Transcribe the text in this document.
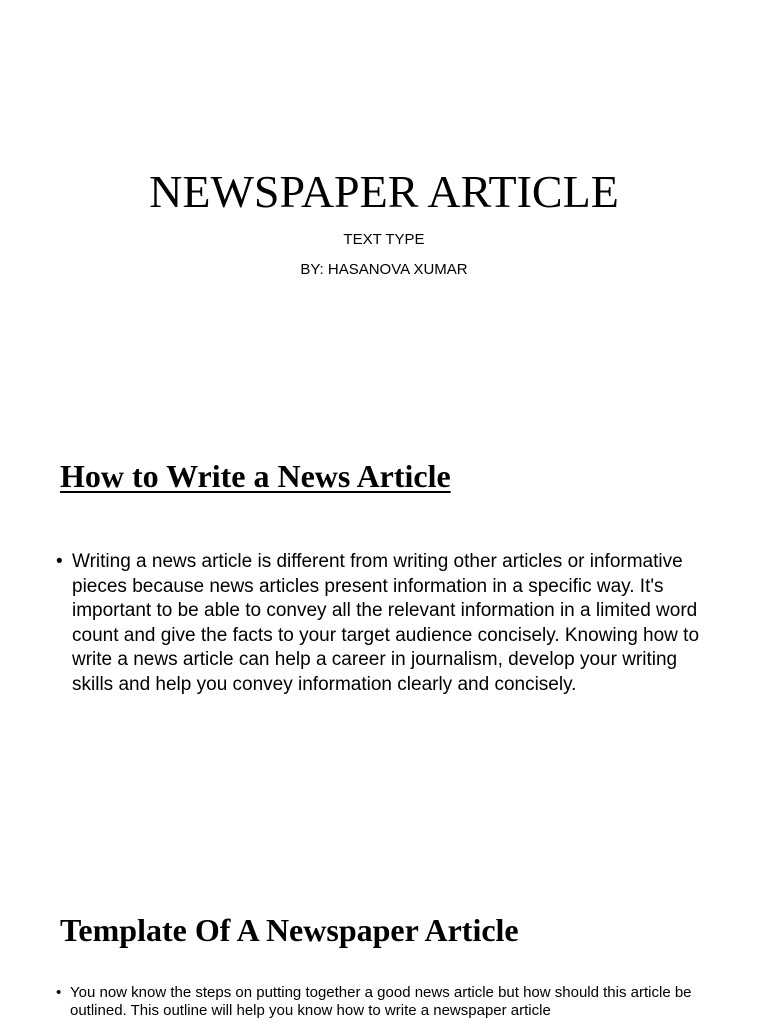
NEWSPAPER ARTICLE

TEXT TYPE

BY: HASANOVA XUMAR

How to Write a News Article
• Writing a news article is different from writing other articles or informative pieces because news articles present information in a specific way. It's important to be able to convey all the relevant information in a limited word count and give the facts to your target audience concisely. Knowing how to write a news article can help a career in journalism, develop your writing skills and help you convey information clearly and concisely.
Template Of A Newspaper Article
• You now know the steps on putting together a good news article but how should this article be outlined. This outline will help you know how to write a newspaper article
